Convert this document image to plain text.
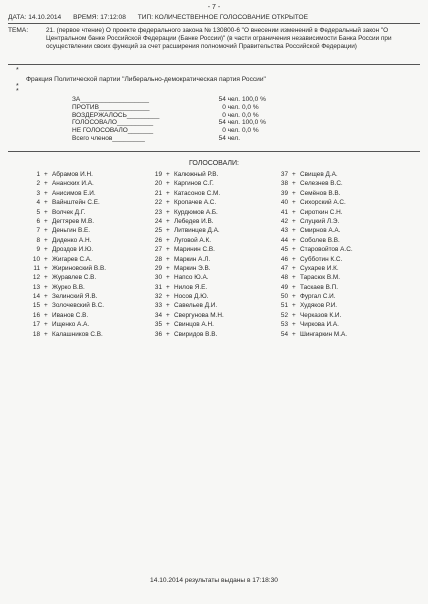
- 7 -
ДАТА: 14.10.2014 ВРЕМЯ: 17:12:08 ТИП: КОЛИЧЕСТВЕННОЕ ГОЛОСОВАНИЕ ОТКРЫТОЕ
ТЕМА:	21. (первое чтение) О проекте федерального закона № 130800-6 "О внесении изменений в Федеральный закон "О Центральном банке Российской Федерации (Банке России)" (в части ограничения независимости Банка России при осуществлении своих функций за счет расширения полномочий Правительства Российской Федерации)
*
Фракция Политической партии "Либерально-демократическая партия России"
*
*
ЗА___________________	54 чел. 100,0 %
ПРОТИВ______________	0 чел. 0,0 %
ВОЗДЕРЖАЛОСЬ_________	0 чел. 0,0 %
ГОЛОСОВАЛО__________	54 чел. 100,0 %
НЕ ГОЛОСОВАЛО_______	0 чел. 0,0 %
Всего членов_________	54 чел.
ГОЛОСОВАЛИ:
1 + Абрамов И.Н.
2 + Ананских И.А.
3 + Анисимов Е.И.
4 + Вайнштейн С.Е.
5 + Волчек Д.Г.
6 + Дегтярев М.В.
7 + Деньгин В.Е.
8 + Диденко А.Н.
9 + Дроздов И.Ю.
10 + Жигарев С.А.
11 + Жириновский В.В.
12 + Журавлев С.В.
13 + Журко В.В.
14 + Зелинский Я.В.
15 + Золочевский В.С.
16 + Иванов С.В.
17 + Ищенко А.А.
18 + Калашников С.В.
19 + Калюжный Р.В.
20 + Каргинов С.Г.
21 + Катасонов С.М.
22 + Кропачев А.С.
23 + Курдюмов А.Б.
24 + Лебедев И.В.
25 + Литвинцев Д.А.
26 + Луговой А.К.
27 + Маринин С.В.
28 + Маркин А.Л.
29 + Маркин Э.В.
30 + Напсо Ю.А.
31 + Нилов Я.Е.
32 + Носов Д.Ю.
33 + Савельев Д.И.
34 + Свергунова М.Н.
35 + Свинцов А.Н.
36 + Свиридов В.В.
37 + Свищев Д.А.
38 + Селезнев В.С.
39 + Семёнов В.В.
40 + Сихорский А.С.
41 + Сироткин С.Н.
42 + Слуцкий Л.Э.
43 + Смирнов А.А.
44 + Соболев В.В.
45 + Старовойтов А.С.
46 + Субботин К.С.
47 + Сухарев И.К.
48 + Тарасюк В.М.
49 + Таскаев В.П.
50 + Фургал С.И.
51 + Худяков Р.И.
52 + Черказов К.И.
53 + Чиркова И.А.
54 + Шингаркин М.А.
14.10.2014 результаты выданы в 17:18:30
